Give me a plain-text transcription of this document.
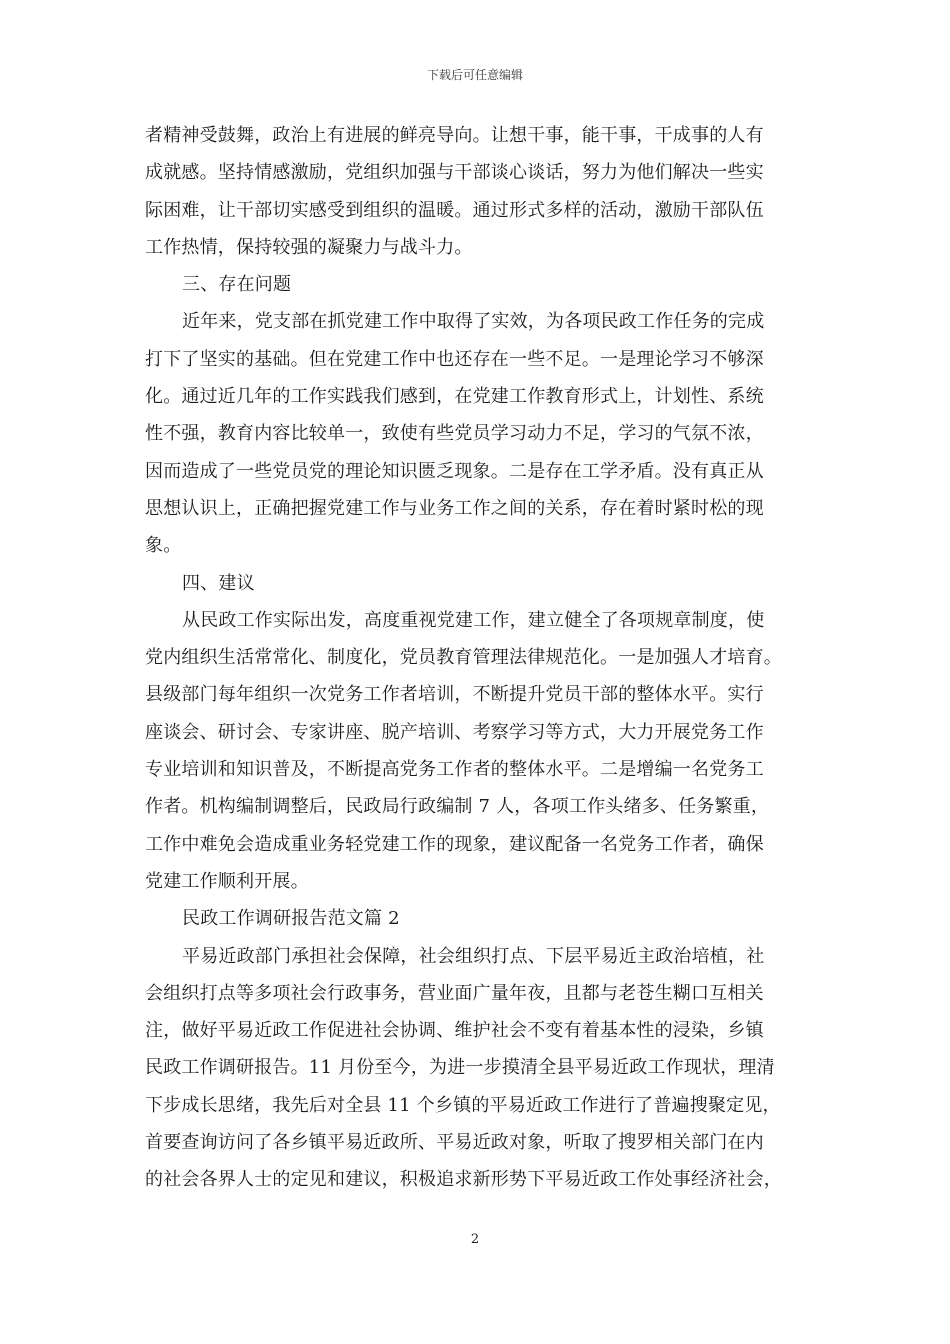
下载后可任意编辑
者精神受鼓舞，政治上有进展的鲜亮导向。让想干事，能干事，干成事的人有
成就感。坚持情感激励，党组织加强与干部谈心谈话，努力为他们解决一些实
际困难，让干部切实感受到组织的温暖。通过形式多样的活动，激励干部队伍
工作热情，保持较强的凝聚力与战斗力。
三、存在问题
近年来，党支部在抓党建工作中取得了实效，为各项民政工作任务的完成
打下了坚实的基础。但在党建工作中也还存在一些不足。一是理论学习不够深
化。通过近几年的工作实践我们感到，在党建工作教育形式上，计划性、系统
性不强，教育内容比较单一，致使有些党员学习动力不足，学习的气氛不浓，
因而造成了一些党员党的理论知识匮乏现象。二是存在工学矛盾。没有真正从
思想认识上，正确把握党建工作与业务工作之间的关系，存在着时紧时松的现
象。
四、建议
从民政工作实际出发，高度重视党建工作，建立健全了各项规章制度，使
党内组织生活常常化、制度化，党员教育管理法律规范化。一是加强人才培育。
县级部门每年组织一次党务工作者培训，不断提升党员干部的整体水平。实行
座谈会、研讨会、专家讲座、脱产培训、考察学习等方式，大力开展党务工作
专业培训和知识普及，不断提高党务工作者的整体水平。二是增编一名党务工
作者。机构编制调整后，民政局行政编制 7 人，各项工作头绪多、任务繁重，
工作中难免会造成重业务轻党建工作的现象，建议配备一名党务工作者，确保
党建工作顺利开展。
民政工作调研报告范文篇 2
平易近政部门承担社会保障，社会组织打点、下层平易近主政治培植，社
会组织打点等多项社会行政事务，营业面广量年夜，且都与老苍生糊口互相关
注，做好平易近政工作促进社会协调、维护社会不变有着基本性的浸染，乡镇
民政工作调研报告。11 月份至今，为进一步摸清全县平易近政工作现状，理清
下步成长思绪，我先后对全县 11 个乡镇的平易近政工作进行了普遍搜聚定见，
首要查询访问了各乡镇平易近政所、平易近政对象，听取了搜罗相关部门在内
的社会各界人士的定见和建议，积极追求新形势下平易近政工作处事经济社会，
2
